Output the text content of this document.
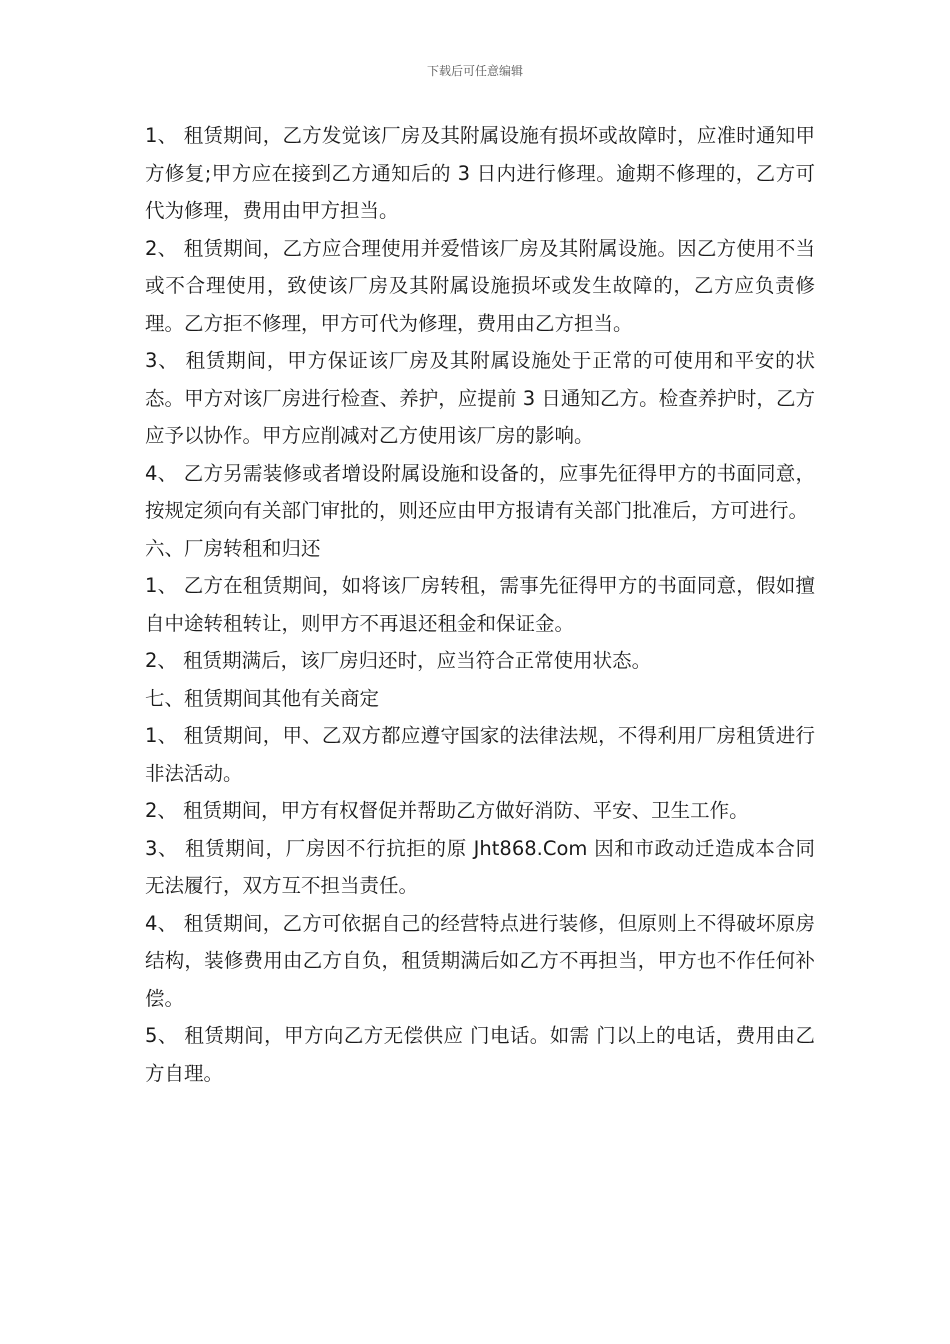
下载后可任意编辑

1、 租赁期间，乙方发觉该厂房及其附属设施有损坏或故障时，应准时通知甲方修复;甲方应在接到乙方通知后的 3 日内进行修理。逾期不修理的，乙方可代为修理，费用由甲方担当。

2、 租赁期间，乙方应合理使用并爱惜该厂房及其附属设施。因乙方使用不当或不合理使用，致使该厂房及其附属设施损坏或发生故障的，乙方应负责修理。乙方拒不修理，甲方可代为修理，费用由乙方担当。

3、 租赁期间，甲方保证该厂房及其附属设施处于正常的可使用和平安的状态。甲方对该厂房进行检查、养护，应提前 3 日通知乙方。检查养护时，乙方应予以协作。甲方应削减对乙方使用该厂房的影响。

4、 乙方另需装修或者增设附属设施和设备的，应事先征得甲方的书面同意，按规定须向有关部门审批的，则还应由甲方报请有关部门批准后，方可进行。

六、厂房转租和归还

1、 乙方在租赁期间，如将该厂房转租，需事先征得甲方的书面同意，假如擅自中途转租转让，则甲方不再退还租金和保证金。

2、 租赁期满后，该厂房归还时，应当符合正常使用状态。

七、租赁期间其他有关商定

1、 租赁期间，甲、乙双方都应遵守国家的法律法规，不得利用厂房租赁进行非法活动。

2、 租赁期间，甲方有权督促并帮助乙方做好消防、平安、卫生工作。

3、 租赁期间，厂房因不行抗拒的原 Jht868.Com 因和市政动迁造成本合同无法履行，双方互不担当责任。

4、 租赁期间，乙方可依据自己的经营特点进行装修，但原则上不得破坏原房结构，装修费用由乙方自负，租赁期满后如乙方不再担当，甲方也不作任何补偿。

5、 租赁期间，甲方向乙方无偿供应 门电话。如需 门以上的电话，费用由乙方自理。
